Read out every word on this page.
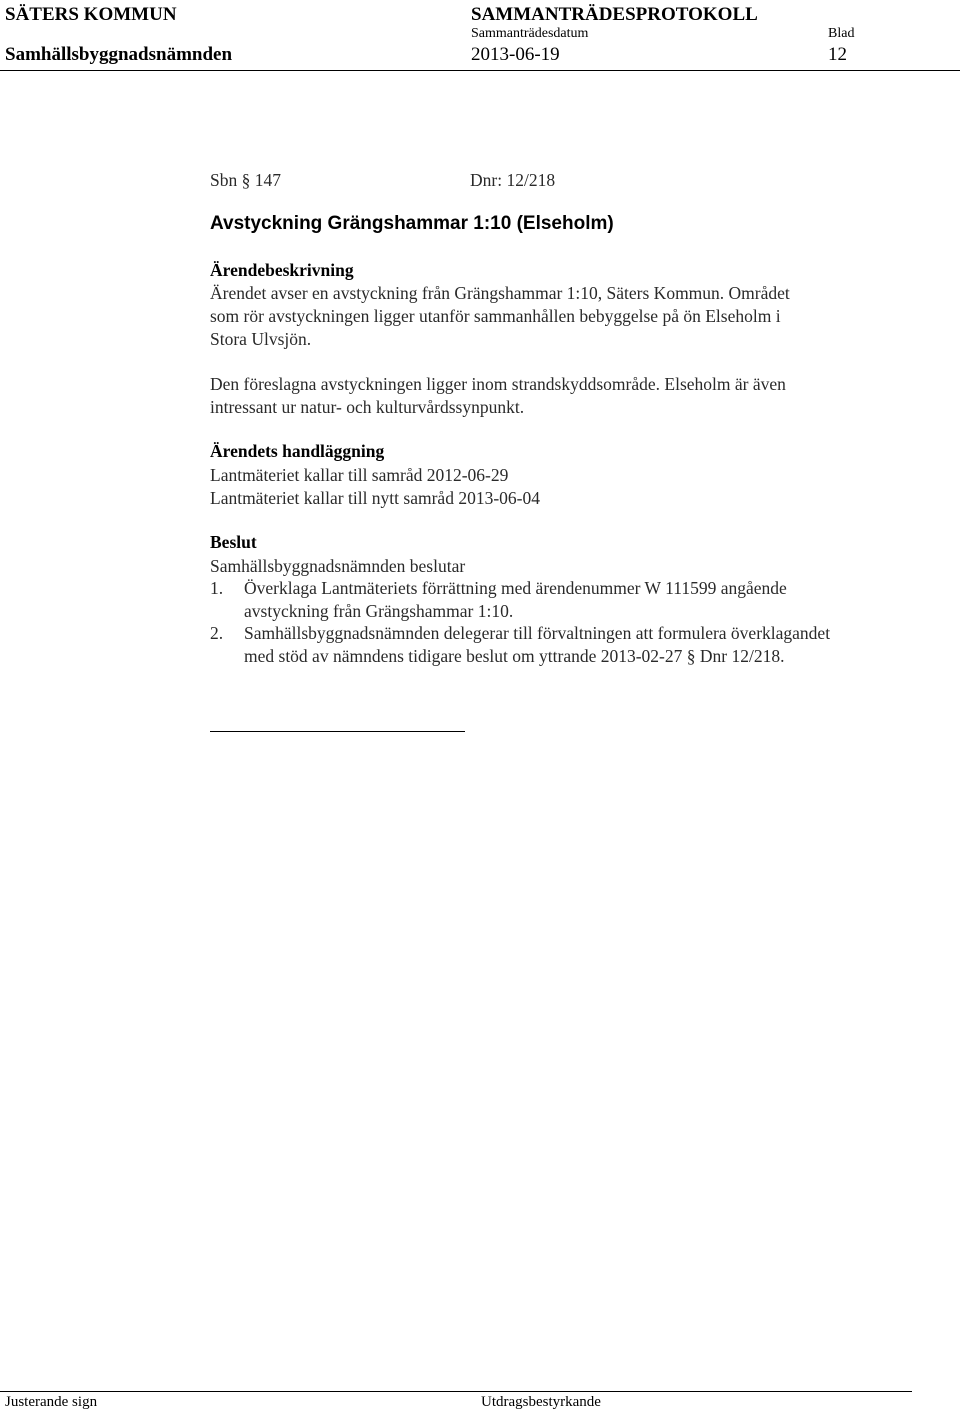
SÄTERS KOMMUN	SAMMANTRÄDESPROTOKOLL
Sammanträdesdatum	Blad
Samhällsbyggnadsnämnden	2013-06-19	12
Sbn § 147	Dnr: 12/218
Avstyckning Grängshammar 1:10 (Elseholm)
Ärendebeskrivning
Ärendet avser en avstyckning från Grängshammar 1:10, Säters Kommun. Området
som rör avstyckningen ligger utanför sammanhållen bebyggelse på ön Elseholm i
Stora Ulvsjön.
Den föreslagna avstyckningen ligger inom strandskyddsområde. Elseholm är även
intressant ur natur- och kulturvårdssynpunkt.
Ärendets handläggning
Lantmäteriet kallar till samråd 2012-06-29
Lantmäteriet kallar till nytt samråd 2013-06-04
Beslut
Samhällsbyggnadsnämnden beslutar
1. Överklaga Lantmäteriets förrättning med ärendenummer W 111599 angående
avstyckning från Grängshammar 1:10.
2. Samhällsbyggnadsnämnden delegerar till förvaltningen att formulera överklagandet
med stöd av nämndens tidigare beslut om yttrande 2013-02-27 § Dnr 12/218.
Justerande sign	Utdragsbestyrkande
